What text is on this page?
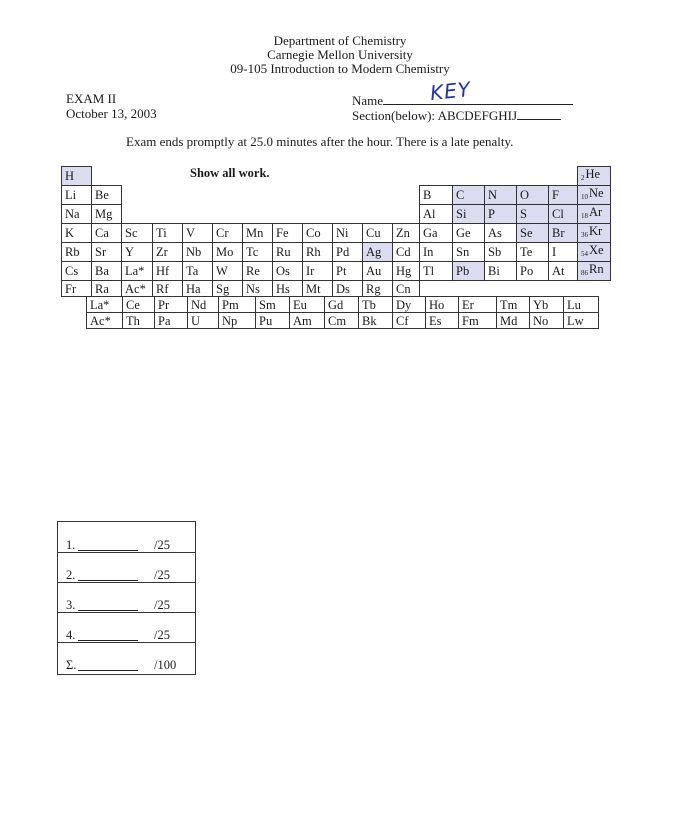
Department of Chemistry
Carnegie Mellon University
09-105 Introduction to Modern Chemistry
EXAM II
October 13, 2003
Name	KEY
Section(below): ABCDEFGHIJ
Exam ends promptly at 25.0 minutes after the hour. There is a late penalty.
Show all work.
H																	$_2$He
Li	Be											B	C	N	O	F	$_{10}$Ne
Na	Mg											Al	Si	P	S	Cl	$_{18}$Ar
K	Ca	Sc	Ti	V	Cr	Mn	Fe	Co	Ni	Cu	Zn	Ga	Ge	As	Se	Br	$_{36}$Kr
Rb	Sr	Y	Zr	Nb	Mo	Tc	Ru	Rh	Pd	Ag	Cd	In	Sn	Sb	Te	I	$_{54}$Xe
Cs	Ba	La*	Hf	Ta	W	Re	Os	Ir	Pt	Au	Hg	Tl	Pb	Bi	Po	At	$_{86}$Rn
Fr	Ra	Ac*	Rf	Ha	Sg	Ns	Hs	Mt	Ds	Rg	Cn						
La*	Ce	Pr	Nd	Pm	Sm	Eu	Gd	Tb	Dy	Ho	Er	Tm	Yb	Lu
Ac*	Th	Pa	U	Np	Pu	Am	Cm	Bk	Cf	Es	Fm	Md	No	Lw
1.	/25
2.	/25
3.	/25
4.	/25
Σ.	/100
